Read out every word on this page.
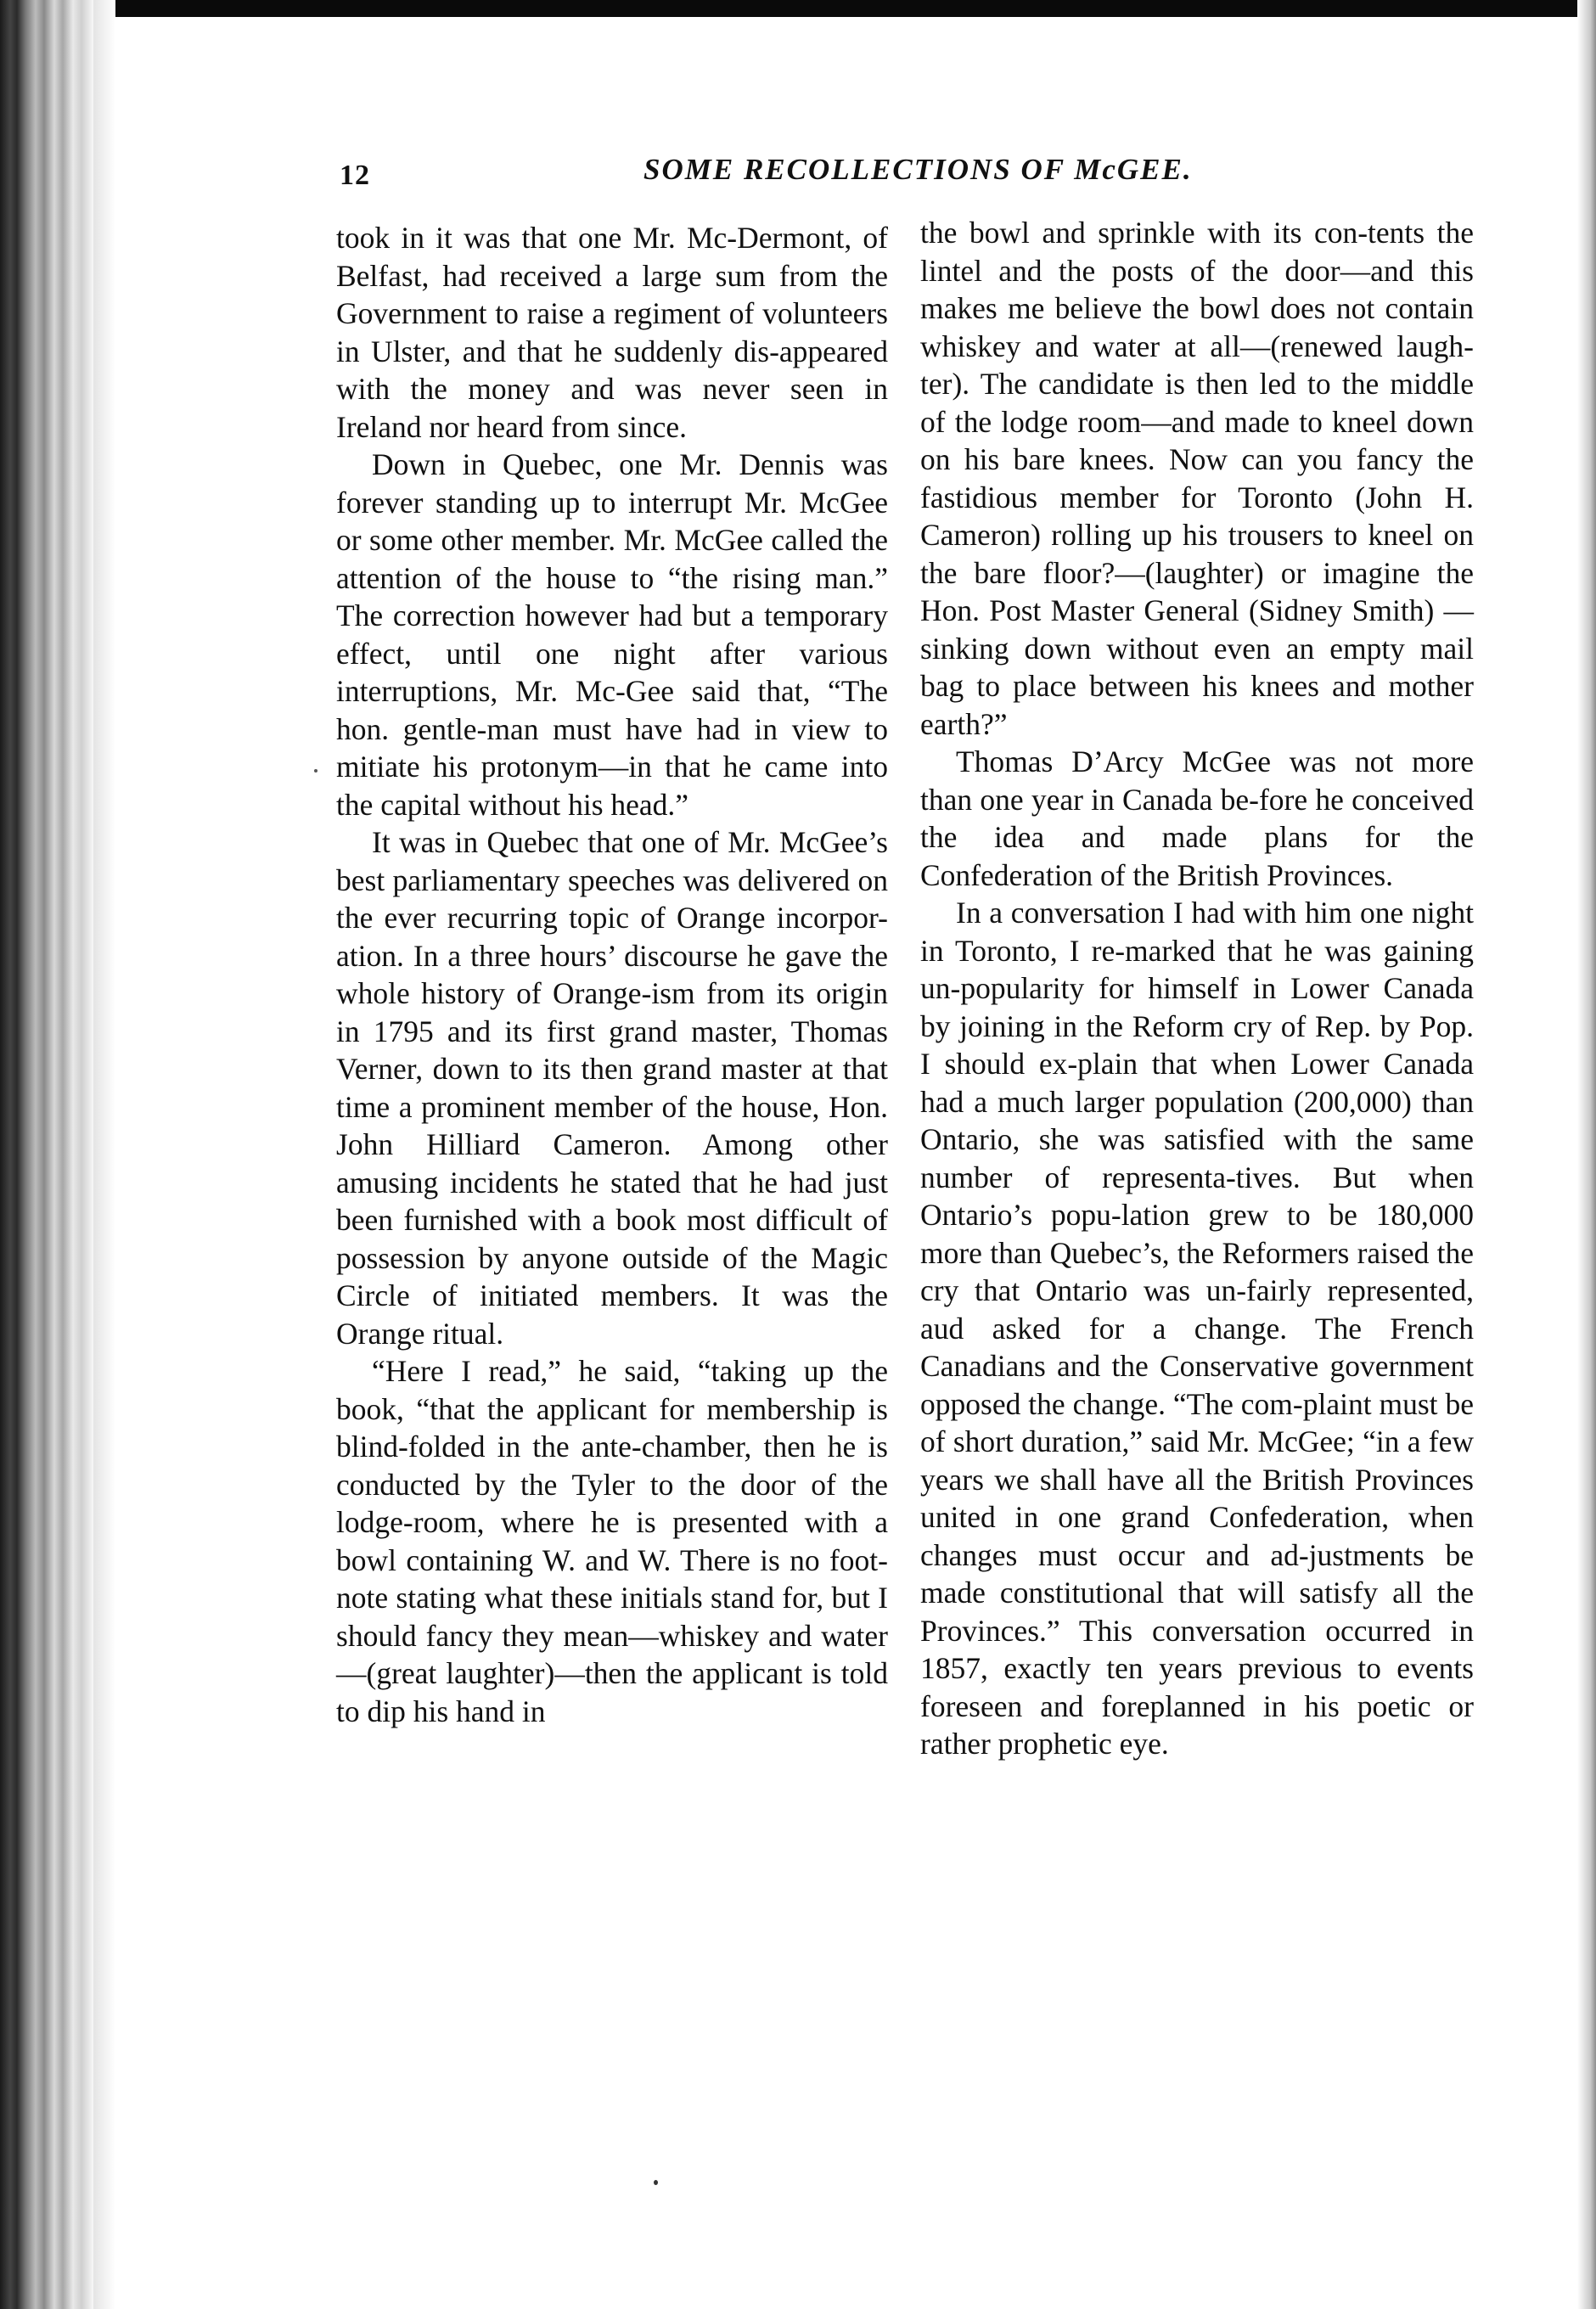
12	SOME RECOLLECTIONS OF McGEE.

took in it was that one Mr. Mc-Dermont, of Belfast, had received a large sum from the Government to raise a regiment of volunteers in Ulster, and that he suddenly dis-appeared with the money and was never seen in Ireland nor heard from since.

Down in Quebec, one Mr. Dennis was forever standing up to interrupt Mr. McGee or some other member. Mr. McGee called the attention of the house to “the rising man.” The correction however had but a temporary effect, until one night after various interruptions, Mr. Mc-Gee said that, “The hon. gentle-man must have had in view to mitiate his protonym—in that he came into the capital without his head.”

It was in Quebec that one of Mr. McGee’s best parliamentary speeches was delivered on the ever recurring topic of Orange incorpor-ation. In a three hours’ discourse he gave the whole history of Orange-ism from its origin in 1795 and its first grand master, Thomas Verner, down to its then grand master at that time a prominent member of the house, Hon. John Hilliard Cameron. Among other amusing incidents he stated that he had just been furnished with a book most difficult of possession by anyone outside of the Magic Circle of initiated members. It was the Orange ritual.

“Here I read,” he said, “taking up the book, “that the applicant for membership is blind-folded in the ante-chamber, then he is conducted by the Tyler to the door of the lodge-room, where he is presented with a bowl containing W. and W. There is no foot-note stating what these initials stand for, but I should fancy they mean—whiskey and water—(great laughter)—then the applicant is told to dip his hand in

the bowl and sprinkle with its con-tents the lintel and the posts of the door—and this makes me believe the bowl does not contain whiskey and water at all—(renewed laugh-ter). The candidate is then led to the middle of the lodge room—and made to kneel down on his bare knees. Now can you fancy the fastidious member for Toronto (John H. Cameron) rolling up his trousers to kneel on the bare floor?—(laughter) or imagine the Hon. Post Master General (Sidney Smith) —sinking down without even an empty mail bag to place between his knees and mother earth?”

Thomas D’Arcy McGee was not more than one year in Canada be-fore he conceived the idea and made plans for the Confederation of the British Provinces.

In a conversation I had with him one night in Toronto, I re-marked that he was gaining un-popularity for himself in Lower Canada by joining in the Reform cry of Rep. by Pop. I should ex-plain that when Lower Canada had a much larger population (200,000) than Ontario, she was satisfied with the same number of representa-tives. But when Ontario’s popu-lation grew to be 180,000 more than Quebec’s, the Reformers raised the cry that Ontario was un-fairly represented, aud asked for a change. The French Canadians and the Conservative government opposed the change. “The com-plaint must be of short duration,” said Mr. McGee; “in a few years we shall have all the British Provinces united in one grand Confederation, when changes must occur and ad-justments be made constitutional that will satisfy all the Provinces.” This conversation occurred in 1857, exactly ten years previous to events foreseen and foreplanned in his poetic or rather prophetic eye.
